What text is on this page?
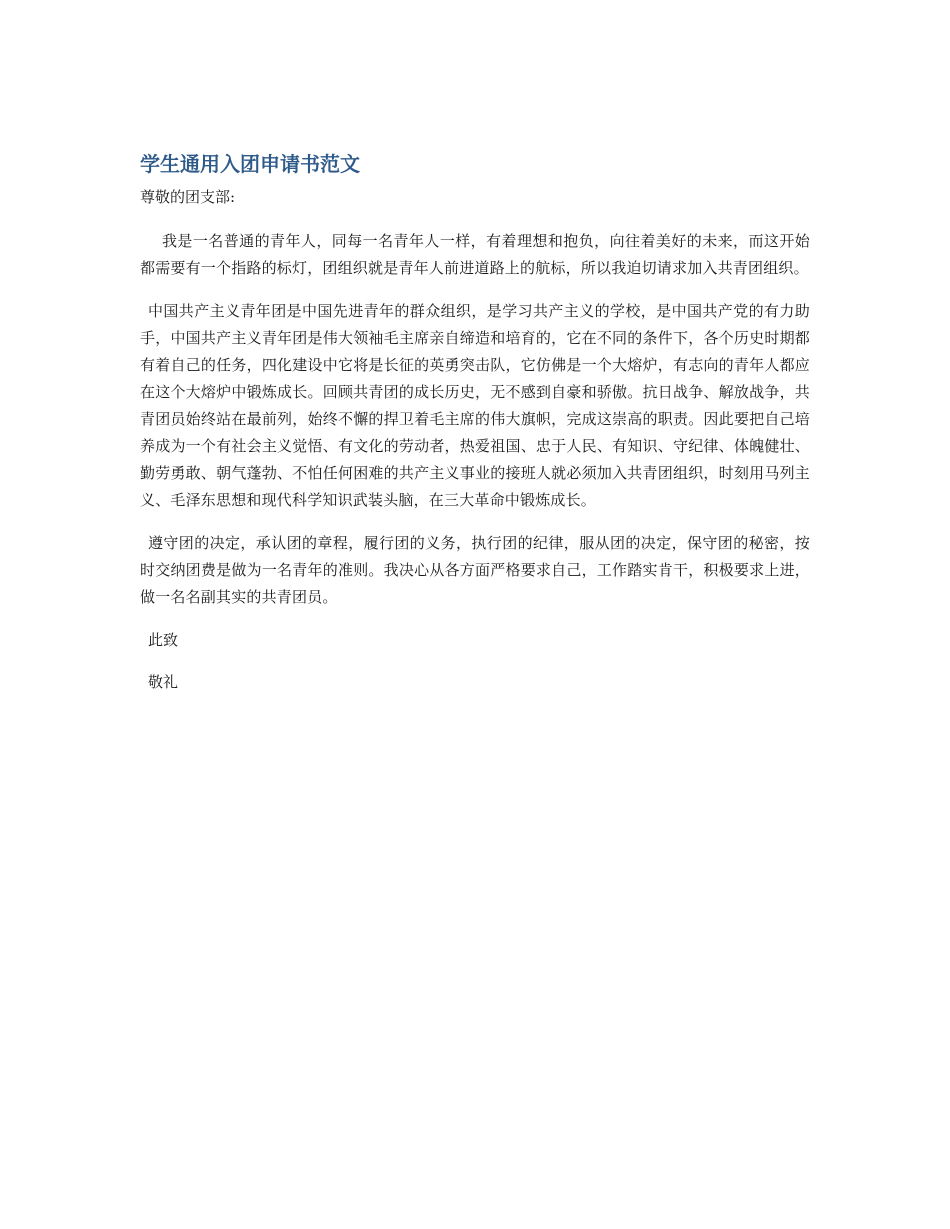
学生通用入团申请书范文

尊敬的团支部:

我是一名普通的青年人，同每一名青年人一样，有着理想和抱负，向往着美好的未来，而这开始都需要有一个指路的标灯，团组织就是青年人前进道路上的航标，所以我迫切请求加入共青团组织。

中国共产主义青年团是中国先进青年的群众组织，是学习共产主义的学校，是中国共产党的有力助手，中国共产主义青年团是伟大领袖毛主席亲自缔造和培育的，它在不同的条件下，各个历史时期都有着自己的任务，四化建设中它将是长征的英勇突击队，它仿佛是一个大熔炉，有志向的青年人都应在这个大熔炉中锻炼成长。回顾共青团的成长历史，无不感到自豪和骄傲。抗日战争、解放战争，共青团员始终站在最前列，始终不懈的捍卫着毛主席的伟大旗帜，完成这崇高的职责。因此要把自己培养成为一个有社会主义觉悟、有文化的劳动者，热爱祖国、忠于人民、有知识、守纪律、体魄健壮、勤劳勇敢、朝气蓬勃、不怕任何困难的共产主义事业的接班人就必须加入共青团组织，时刻用马列主义、毛泽东思想和现代科学知识武装头脑，在三大革命中锻炼成长。

遵守团的决定，承认团的章程，履行团的义务，执行团的纪律，服从团的决定，保守团的秘密，按时交纳团费是做为一名青年的准则。我决心从各方面严格要求自己，工作踏实肯干，积极要求上进，做一名名副其实的共青团员。

此致

敬礼
